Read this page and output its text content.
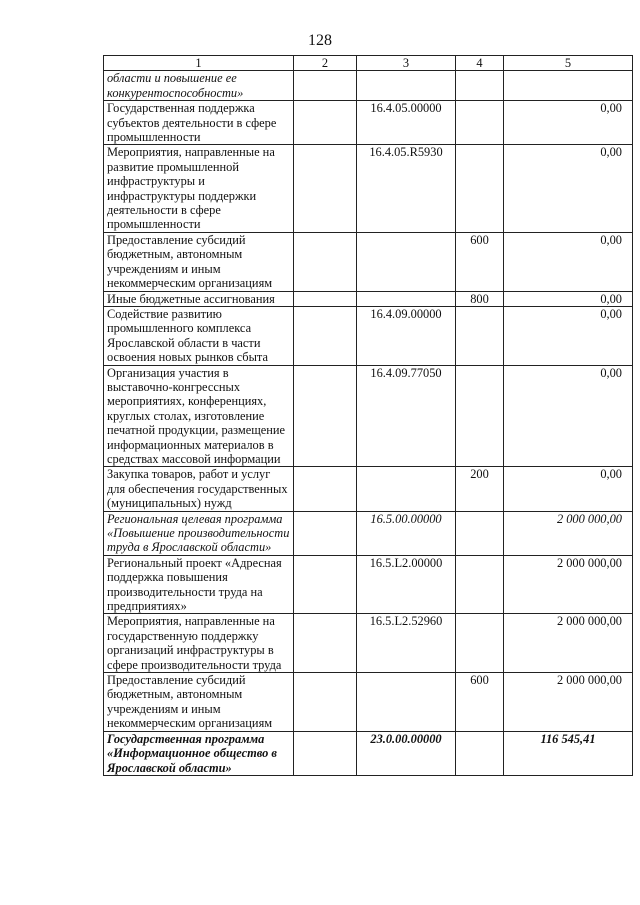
128
1	2	3	4	5
области и повышение ее конкурентоспособности»				
Государственная поддержка субъектов деятельности в сфере промышленности		16.4.05.00000		0,00
Мероприятия, направленные на развитие промышленной инфраструктуры и инфраструктуры поддержки деятельности в сфере промышленности		16.4.05.R5930		0,00
Предоставление субсидий бюджетным, автономным учреждениям и иным некоммерческим организациям			600	0,00
Иные бюджетные ассигнования			800	0,00
Содействие развитию промышленного комплекса Ярославской области в части освоения новых рынков сбыта		16.4.09.00000		0,00
Организация участия в выставочно-конгрессных мероприятиях, конференциях, круглых столах, изготовление печатной продукции, размещение информационных материалов в средствах массовой информации		16.4.09.77050		0,00
Закупка товаров, работ и услуг для обеспечения государственных (муниципальных) нужд			200	0,00
Региональная целевая программа «Повышение производительности труда в Ярославской области»		16.5.00.00000		2 000 000,00
Региональный проект «Адресная поддержка повышения производительности труда на предприятиях»		16.5.L2.00000		2 000 000,00
Мероприятия, направленные на государственную поддержку организаций инфраструктуры в сфере производительности труда		16.5.L2.52960		2 000 000,00
Предоставление субсидий бюджетным, автономным учреждениям и иным некоммерческим организациям			600	2 000 000,00
Государственная программа «Информационное общество в Ярославской области»		23.0.00.00000		116 545,41
